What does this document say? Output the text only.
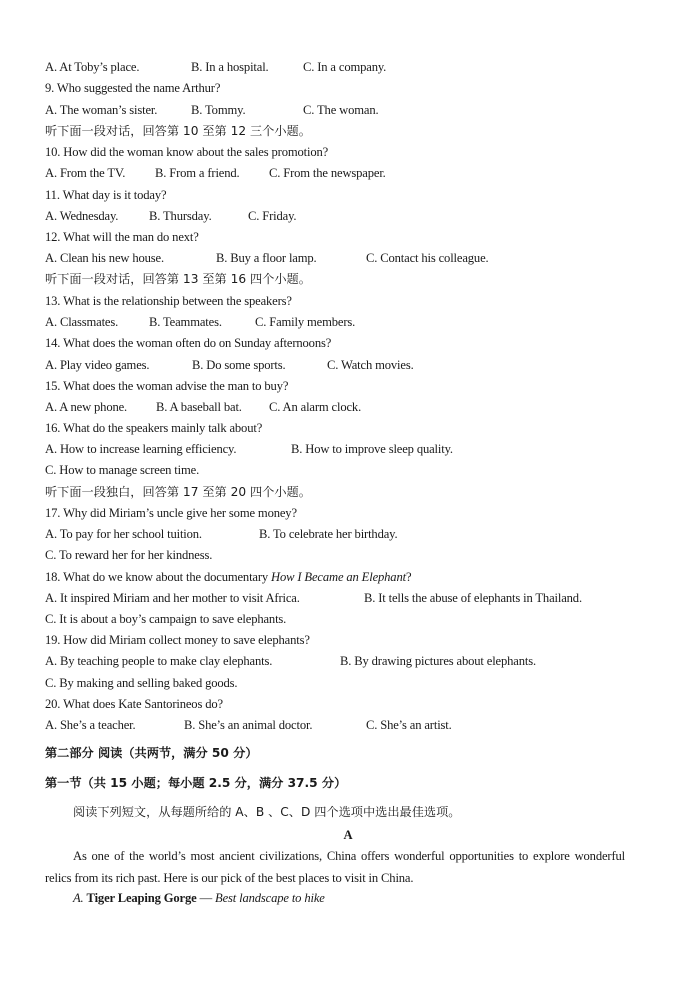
A. At Toby’s place.	B. In a hospital.	C. In a company.
9. Who suggested the name Arthur?
A. The woman’s sister.	B. Tommy.	C. The woman.
听下面一段对话，回答第 10 至第 12 三个小题。
10. How did the woman know about the sales promotion?
A. From the TV. B. From a friend. C. From the newspaper.
11. What day is it today?
A. Wednesday. B. Thursday.	C. Friday.
12. What will the man do next?
A. Clean his new house.	B. Buy a floor lamp.	C. Contact his colleague.
听下面一段对话，回答第 13 至第 16 四个小题。
13. What is the relationship between the speakers?
A. Classmates. B. Teammates.	C. Family members.
14. What does the woman often do on Sunday afternoons?
A. Play video games.	B. Do some sports.	C. Watch movies.
15. What does the woman advise the man to buy?
A. A new phone. B. A baseball bat. C. An alarm clock.
16. What do the speakers mainly talk about?
A. How to increase learning efficiency.	B. How to improve sleep quality.
C. How to manage screen time.
听下面一段独白，回答第 17 至第 20 四个小题。
17. Why did Miriam’s uncle give her some money?
A. To pay for her school tuition.	B. To celebrate her birthday.
C. To reward her for her kindness.
18. What do we know about the documentary How I Became an Elephant?
A. It inspired Miriam and her mother to visit Africa.	B. It tells the abuse of elephants in Thailand.
C. It is about a boy’s campaign to save elephants.
19. How did Miriam collect money to save elephants?
A. By teaching people to make clay elephants.	B. By drawing pictures about elephants.
C. By making and selling baked goods.
20. What does Kate Santorineos do?
A. She’s a teacher.	B. She’s an animal doctor.	C. She’s an artist.
第二部分 阅读（共两节，满分 50 分）
第一节（共 15 小题；每小题 2.5 分，满分 37.5 分）
阅读下列短文，从每题所给的 A、B 、C、D 四个选项中选出最佳选项。
A
As one of the world’s most ancient civilizations, China offers wonderful opportunities to explore wonderful relics from its rich past. Here is our pick of the best places to visit in China.
A. Tiger Leaping Gorge — Best landscape to hike
